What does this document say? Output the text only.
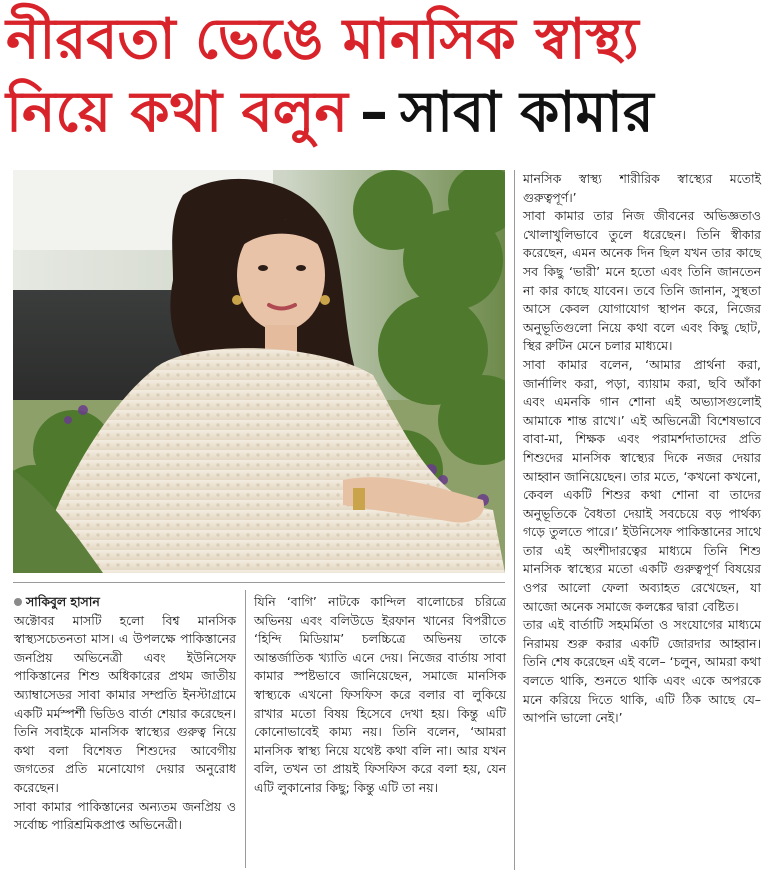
নীরবতা ভেঙে মানসিক স্বাস্থ্য
নিয়ে কথা বলুন – সাবা কামার

মানসিক স্বাস্থ্য শারীরিক স্বাস্থ্যের মতোই গুরুত্বপূর্ণ।’

সাবা কামার তার নিজ জীবনের অভিজ্ঞতাও খোলাখুলিভাবে তুলে ধরেছেন। তিনি স্বীকার করেছেন, এমন অনেক দিন ছিল যখন তার কাছে সব কিছু ‘ভারী’ মনে হতো এবং তিনি জানতেন না কার কাছে যাবেন। তবে তিনি জানান, সুস্থতা আসে কেবল যোগাযোগ স্থাপন করে, নিজের অনুভূতিগুলো নিয়ে কথা বলে এবং কিছু ছোট, স্থির রুটিন মেনে চলার মাধ্যমে।

সাবা কামার বলেন, ‘আমার প্রার্থনা করা, জার্নালিং করা, পড়া, ব্যায়াম করা, ছবি আঁকা এবং এমনকি গান শোনা এই অভ্যাসগুলোই আমাকে শান্ত রাখে।’ এই অভিনেত্রী বিশেষভাবে বাবা-মা, শিক্ষক এবং পরামর্শদাতাদের প্রতি শিশুদের মানসিক স্বাস্থ্যের দিকে নজর দেয়ার আহ্বান জানিয়েছেন। তার মতে, ‘কখনো কখনো, কেবল একটি শিশুর কথা শোনা বা তাদের অনুভূতিকে বৈধতা দেয়াই সবচেয়ে বড় পার্থক্য গড়ে তুলতে পারে।’ ইউনিসেফ পাকিস্তানের সাথে তার এই অংশীদারত্বের মাধ্যমে তিনি শিশু মানসিক স্বাস্থ্যের মতো একটি গুরুত্বপূর্ণ বিষয়ের ওপর আলো ফেলা অব্যাহত রেখেছেন, যা আজো অনেক সমাজে কলঙ্কের দ্বারা বেষ্টিত।

তার এই বার্তাটি সহমর্মিতা ও সংযোগের মাধ্যমে নিরাময় শুরু করার একটি জোরদার আহ্বান। তিনি শেষ করেছেন এই বলে– ‘চলুন, আমরা কথা বলতে থাকি, শুনতে থাকি এবং একে অপরকে মনে করিয়ে দিতে থাকি, এটি ঠিক আছে যে– আপনি ভালো নেই।’

সাকিবুল হাসান

অক্টোবর মাসটি হলো বিশ্ব মানসিক স্বাস্থ্যসচেতনতা মাস। এ উপলক্ষে পাকিস্তানের জনপ্রিয় অভিনেত্রী এবং ইউনিসেফ পাকিস্তানের শিশু অধিকারের প্রথম জাতীয় অ্যাম্বাসেডর সাবা কামার সম্প্রতি ইনস্টাগ্রামে একটি মর্মস্পর্শী ভিডিও বার্তা শেয়ার করেছেন। তিনি সবাইকে মানসিক স্বাস্থ্যের গুরুত্ব নিয়ে কথা বলা বিশেষত শিশুদের আবেগীয় জগতের প্রতি মনোযোগ দেয়ার অনুরোধ করেছেন।

সাবা কামার পাকিস্তানের অন্যতম জনপ্রিয় ও সর্বোচ্চ পারিশ্রমিকপ্রাপ্ত অভিনেত্রী।

যিনি ‘বাগি’ নাটকে কান্দিল বালোচের চরিত্রে অভিনয় এবং বলিউডে ইরফান খানের বিপরীতে ‘হিন্দি মিডিয়াম’ চলচ্চিত্রে অভিনয় তাকে আন্তর্জাতিক খ্যাতি এনে দেয়। নিজের বার্তায় সাবা কামার স্পষ্টভাবে জানিয়েছেন, সমাজে মানসিক স্বাস্থ্যকে এখনো ফিসফিস করে বলার বা লুকিয়ে রাখার মতো বিষয় হিসেবে দেখা হয়। কিন্তু এটি কোনোভাবেই কাম্য নয়। তিনি বলেন, ‘আমরা মানসিক স্বাস্থ্য নিয়ে যথেষ্ট কথা বলি না। আর যখন বলি, তখন তা প্রায়ই ফিসফিস করে বলা হয়, যেন এটি লুকানোর কিছু; কিন্তু এটি তা নয়।
